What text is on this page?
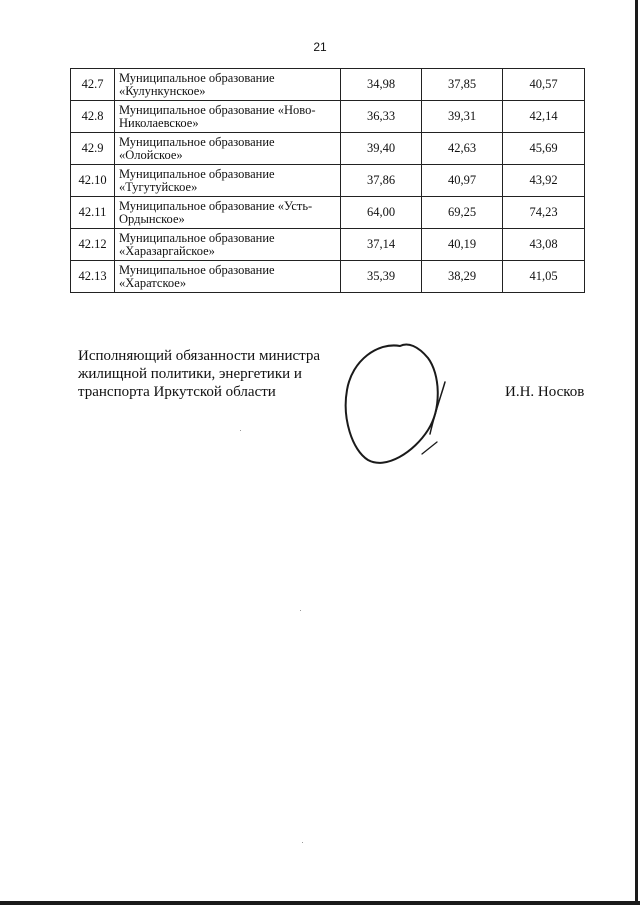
21
42.7	Муниципальное образование
«Кулункунское»	34,98	37,85	40,57
42.8	Муниципальное образование «Ново-
Николаевское»	36,33	39,31	42,14
42.9	Муниципальное образование
«Олойское»	39,40	42,63	45,69
42.10	Муниципальное образование
«Тугутуйское»	37,86	40,97	43,92
42.11	Муниципальное образование «Усть-
Ордынское»	64,00	69,25	74,23
42.12	Муниципальное образование
«Харазаргайское»	37,14	40,19	43,08
42.13	Муниципальное образование
«Харатское»	35,39	38,29	41,05
Исполняющий обязанности министра
жилищной политики, энергетики и
транспорта Иркутской области	И.Н. Носков
